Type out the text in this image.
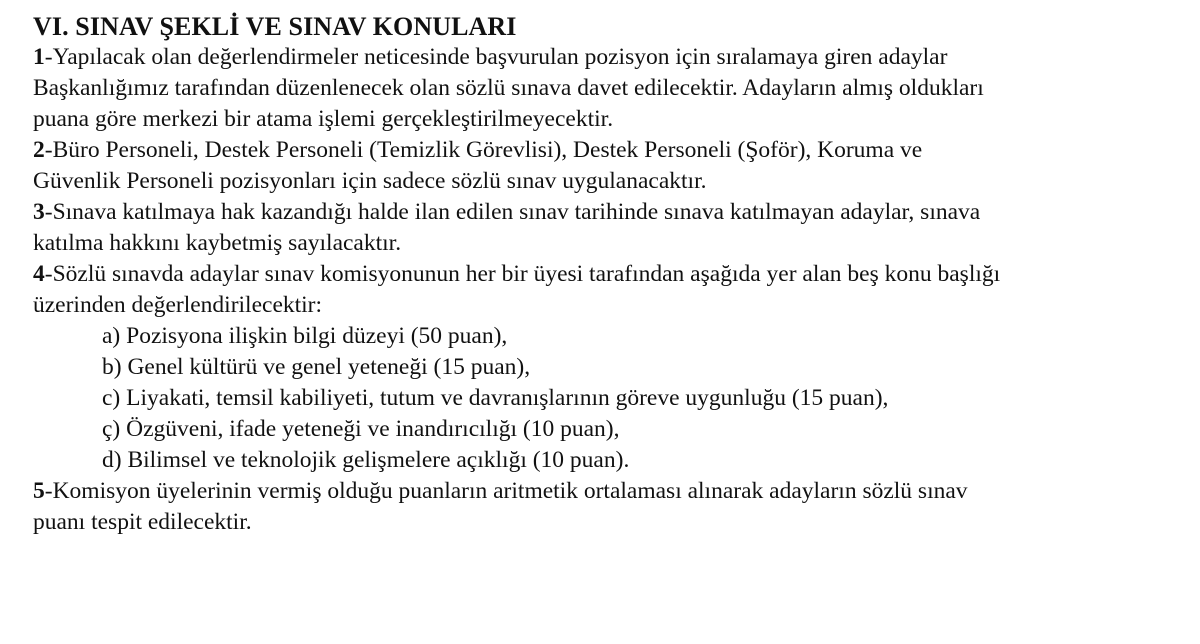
VI. SINAV ŞEKLİ VE SINAV KONULARI

1-Yapılacak olan değerlendirmeler neticesinde başvurulan pozisyon için sıralamaya giren adaylar

Başkanlığımız tarafından düzenlenecek olan sözlü sınava davet edilecektir. Adayların almış oldukları

puana göre merkezi bir atama işlemi gerçekleştirilmeyecektir.

2-Büro Personeli, Destek Personeli (Temizlik Görevlisi), Destek Personeli (Şoför), Koruma ve

Güvenlik Personeli pozisyonları için sadece sözlü sınav uygulanacaktır.

3-Sınava katılmaya hak kazandığı halde ilan edilen sınav tarihinde sınava katılmayan adaylar, sınava

katılma hakkını kaybetmiş sayılacaktır.

4-Sözlü sınavda adaylar sınav komisyonunun her bir üyesi tarafından aşağıda yer alan beş konu başlığı

üzerinden değerlendirilecektir:

a) Pozisyona ilişkin bilgi düzeyi (50 puan),

b) Genel kültürü ve genel yeteneği (15 puan),

c) Liyakati, temsil kabiliyeti, tutum ve davranışlarının göreve uygunluğu (15 puan),

ç) Özgüveni, ifade yeteneği ve inandırıcılığı (10 puan),

d) Bilimsel ve teknolojik gelişmelere açıklığı (10 puan).

5-Komisyon üyelerinin vermiş olduğu puanların aritmetik ortalaması alınarak adayların sözlü sınav

puanı tespit edilecektir.
